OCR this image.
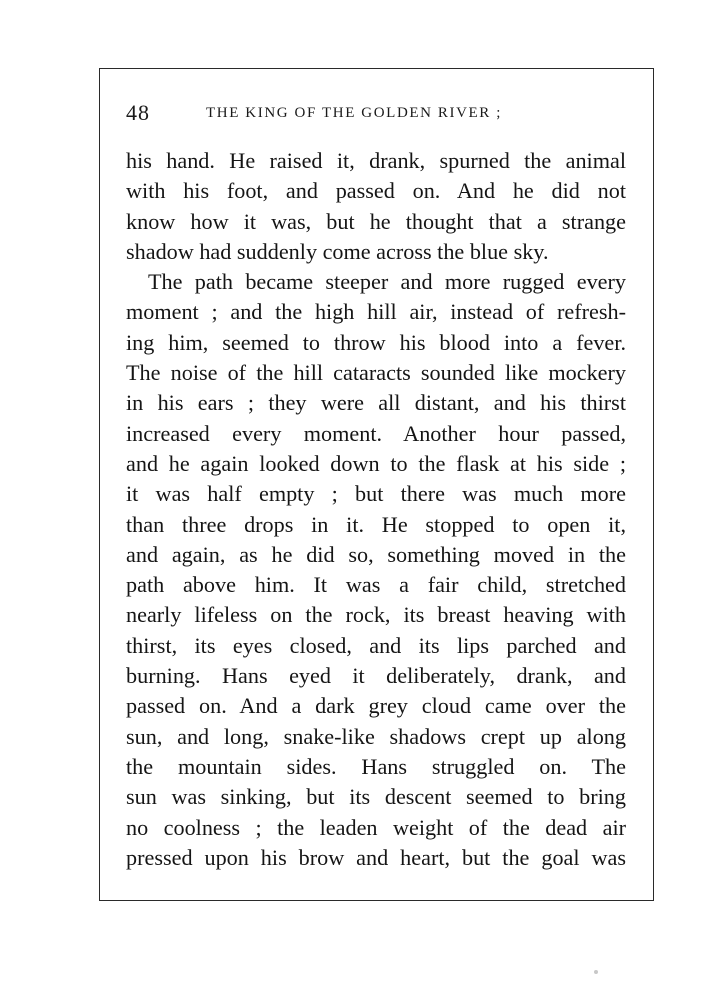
48	THE KING OF THE GOLDEN RIVER ;
his hand. He raised it, drank, spurned the animal
with his foot, and passed on. And he did not
know how it was, but he thought that a strange
shadow had suddenly come across the blue sky.
The path became steeper and more rugged every
moment ; and the high hill air, instead of refresh-
ing him, seemed to throw his blood into a fever.
The noise of the hill cataracts sounded like mockery
in his ears ; they were all distant, and his thirst
increased every moment. Another hour passed,
and he again looked down to the flask at his side ;
it was half empty ; but there was much more
than three drops in it. He stopped to open it,
and again, as he did so, something moved in the
path above him. It was a fair child, stretched
nearly lifeless on the rock, its breast heaving with
thirst, its eyes closed, and its lips parched and
burning. Hans eyed it deliberately, drank, and
passed on. And a dark grey cloud came over the
sun, and long, snake-like shadows crept up along
the mountain sides. Hans struggled on. The
sun was sinking, but its descent seemed to bring
no coolness ; the leaden weight of the dead air
pressed upon his brow and heart, but the goal was
